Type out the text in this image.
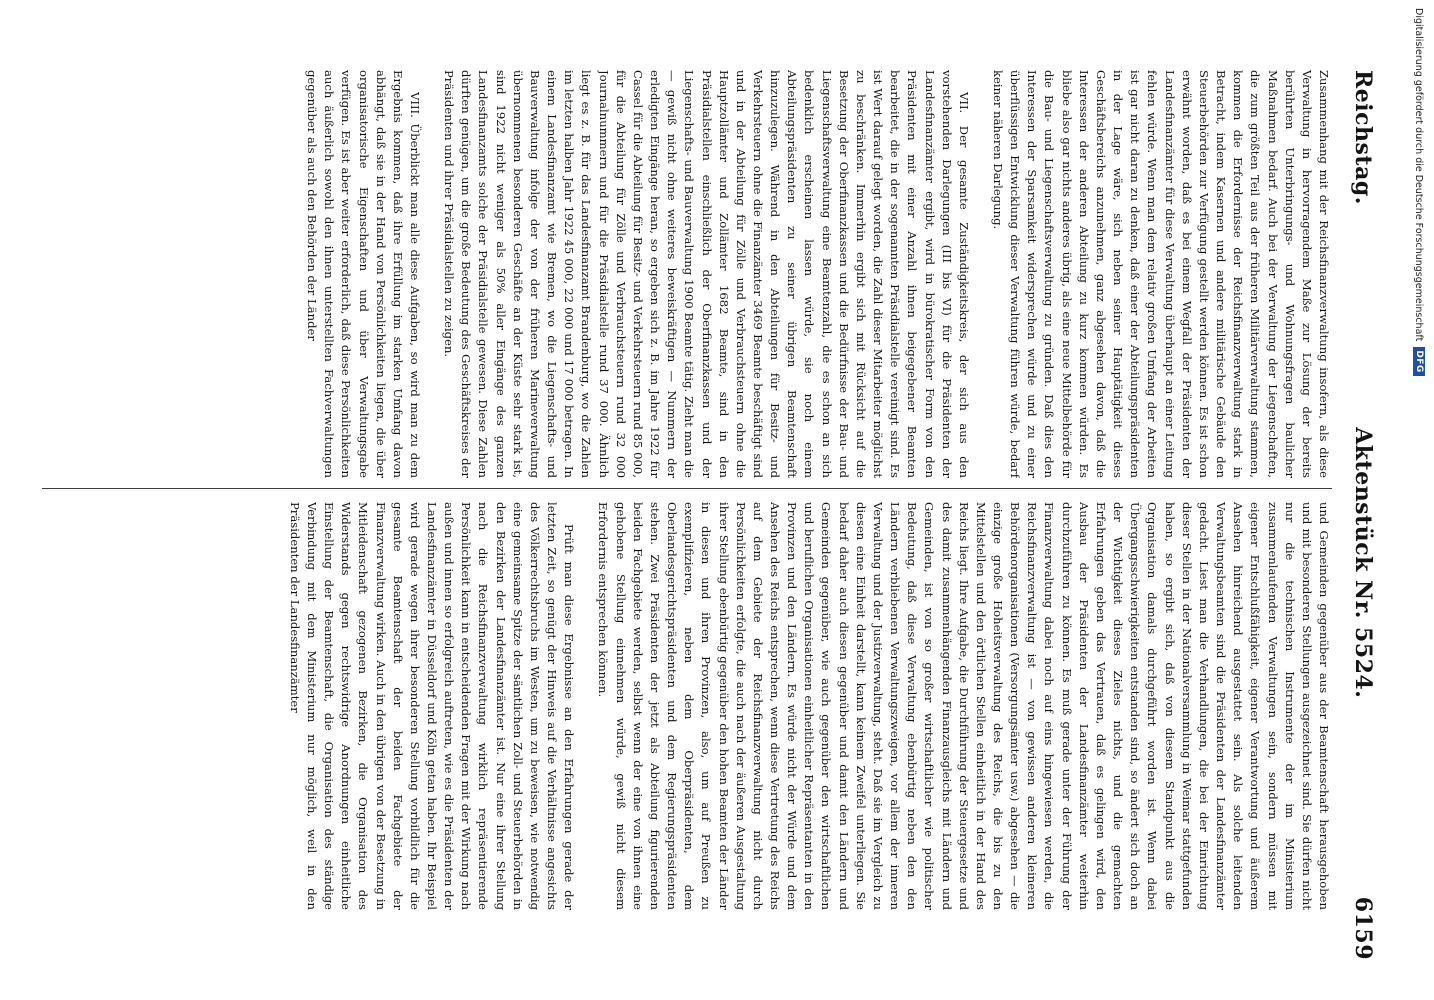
Reichstag.
Aktenstück Nr. 5524.
6159

Zusammenhang mit der Reichsfinanzverwaltung insofern, als diese Verwaltung in hervorragendem Maße zur Lösung der bereits berührten Unterbringungs- und Wohnungsfragen baulicher Maßnahmen bedarf. Auch bei der Verwaltung der Liegenschaften, die zum größten Teil aus der früheren Militärverwaltung stammen, kommen die Erfordernisse der Reichsfinanzverwaltung stark in Betracht, indem Kasernen und andere militärische Gebäude den Steuerbehörden zur Verfügung gestellt werden können. Es ist schon erwähnt worden, daß es bei einem Wegfall der Präsidenten der Landesfinanzämter für diese Verwaltung überhaupt an einer Leitung fehlen würde. Wenn man dem relativ großen Umfang der Arbeiten ist gar nicht daran zu denken, daß einer der Abteilungspräsidenten in der Lage wäre, sich neben seiner Hauptätigkeit dieses Geschäftsbereichs anzunehmen, ganz abgesehen davon, daß die Interessen der anderen Abteilung zu kurz kommen würden. Es bliebe also gar nichts anderes übrig, als eine neue Mittelbehörde für die Bau- und Liegenschaftsverwaltung zu gründen. Daß dies den Interessen der Sparsamkeit widersprechen würde und zu einer überflüssigen Entwicklung dieser Verwaltung führen würde, bedarf keiner näheren Darlegung.

VII. Der gesamte Zuständigkeitskreis, der sich aus den vorstehenden Darlegungen (III bis VI) für die Präsidenten der Landesfinanzämter ergibt, wird in bürokratischer Form von den Präsidenten mit einer Anzahl ihnen beigegebener Beamten bearbeitet, die in der sogenannten Präsidialstelle vereinigt sind. Es ist Wert darauf gelegt worden, die Zahl dieser Mitarbeiter möglichst zu beschränken. Immerhin ergibt sich mit Rücksicht auf die Besetzung der Oberfinanzkassen und die Bedürfnisse der Bau- und Liegenschaftsverwaltung eine Beamtenzahl, die es schon an sich bedenklich erscheinen lassen würde, sie noch einem Abteilungspräsidenten zu seiner übrigen Beamtenschaft hinzuzulegen. Während in den Abteilungen für Besitz- und Verkehrsteuern ohne die Finanzämter 3469 Beamte beschäftigt sind und in der Abteilung für Zölle und Verbrauchsteuern ohne die Hauptzollämter und Zollämter 1682 Beamte, sind in den Präsidialstellen einschließlich der Oberfinanzkassen und der Liegenschafts- und Bauverwaltung 1900 Beamte tätig. Zieht man die — gewiß nicht ohne weiteres beweiskräftigen — Nummern der erledigten Eingänge heran, so ergeben sich z. B. im Jahre 1922 für Cassel für die Abteilung für Besitz- und Verkehrsteuern rund 85 000, für die Abteilung für Zölle und Verbrauchsteuern rund 32 000 Journalnummern und für die Präsidialstelle rund 37 000. Ähnlich liegt es z. B. für das Landesfinanzamt Brandenburg, wo die Zahlen im letzten halben Jahr 1922 45 000, 22 000 und 17 000 betragen. In einem Landesfinanzamt wie Bremen, wo die Liegenschafts- und Bauverwaltung infolge der von der früheren Marineverwaltung übernommenen besonderen Geschäfte an der Küste sehr stark ist, sind 1922 nicht weniger als 50% aller Eingänge des ganzen Landesfinanzamts solche der Präsidialstelle gewesen. Diese Zahlen dürften genügen, um die große Bedeutung des Geschäftskreises der Präsidenten und ihrer Präsidialstellen zu zeigen.

VIII. Überblickt man alle diese Aufgaben, so wird man zu dem Ergebnis kommen, daß ihre Erfüllung im starken Umfang davon abhängt, daß sie in der Hand von Persönlichkeiten liegen, die über organisatorische Eigenschaften und über Verwaltungsgabe verfügen. Es ist aber weiter erforderlich, daß diese Persönlichkeiten auch äußerlich sowohl den ihnen unterstellten Fachverwaltungen gegenüber als auch den Behörden der Länder

und Gemeinden gegenüber aus der Beamtenschaft herausgehoben und mit besonderen Stellungen ausgezeichnet sind. Sie dürfen nicht nur die technischen Instrumente der im Ministerium zusammenlaufenden Verwaltungen sein, sondern müssen mit eigener Entschlußfähigkeit, eigener Verantwortung und äußerem Ansehen hinreichend ausgestattet sein. Als solche leitenden Verwaltungsbeamten sind die Präsidenten der Landesfinanzämter gedacht. Liest man die Verhandlungen, die bei der Einrichtung dieser Stellen in der Nationalversammlung in Weimar stattgefunden haben, so ergibt sich, daß von diesem Standpunkt aus die Organisation damals durchgeführt worden ist. Wenn dabei Übergangsschwierigkeiten entstanden sind, so ändert sich doch an der Wichtigkeit dieses Zieles nichts, und die gemachten Erfahrungen geben das Vertrauen, daß es gelingen wird, den Ausbau der Präsidenten der Landesfinanzämter weiterhin durchzuführen zu können. Es muß gerade unter der Führung der Finanzverwaltung dabei noch auf eins hingewiesen werden, die Reichsfinanzverwaltung ist — von gewissen anderen kleineren Behördenorganisationen (Versorgungsämter usw.) abgesehen — die einzige große Hoheitsverwaltung des Reichs, die bis zu den Mittelstellen und den örtlichen Stellen einheitlich in der Hand des Reichs liegt. Ihre Aufgabe, die Durchführung der Steuergesetze und des damit zusammenhängenden Finanzausgleichs mit Ländern und Gemeinden, ist von so großer wirtschaftlicher wie politischer Bedeutung, daß diese Verwaltung ebenbürtig neben den den Ländern verbliebenen Verwaltungszweigen, vor allem der inneren Verwaltung und der Justizverwaltung, steht. Daß sie im Vergleich zu diesen eine Einheit darstellt, kann keinem Zweifel unterliegen. Sie bedarf daher auch diesen gegenüber und damit den Ländern und Gemeinden gegenüber, wie auch gegenüber den wirtschaftlichen und beruflichen Organisationen einheitlicher Repräsentanten in den Provinzen und den Ländern. Es würde nicht der Würde und dem Ansehen des Reichs entsprechen, wenn diese Vertretung des Reichs auf dem Gebiete der Reichsfinanzverwaltung nicht durch Persönlichkeiten erfolgte, die auch nach der äußeren Ausgestaltung ihrer Stellung ebenbürtig gegenüber den hohen Beamten der Länder in diesen und ihren Provinzen, also, um auf Preußen zu exemplifizieren, neben dem Oberpräsidenten, dem Oberlandesgerichtspräsidenten und dem Regierungspräsidenten stehen. Zwei Präsidenten der jetzt als Abteilung figurierenden beiden Fachgebiete werden, selbst wenn der eine von ihnen eine gehobene Stellung einnehmen würde, gewiß nicht diesem Erfordernis entsprechen können.

Prüft man diese Ergebnisse an den Erfahrungen gerade der letzten Zeit, so genügt der Hinweis auf die Verhältnisse angesichts des Völkerrechtsbruchs im Westen, um zu beweisen, wie notwendig eine gemeinsame Spitze der sämtlichen Zoll- und Steuerbehörden in den Bezirken der Landesfinanzämter ist. Nur eine ihrer Stellung nach die Reichsfinanzverwaltung wirklich repräsentierende Persönlichkeit kann in entscheidenden Fragen mit der Wirkung nach außen und innen so erfolgreich auftreten, wie es die Präsidenten der Landesfinanzämter in Düsseldorf und Köln getan haben. Ihr Beispiel wird gerade wegen ihrer besonderen Stellung vorbildlich für die gesamte Beamtenschaft der beiden Fachgebiete der Finanzverwaltung wirken. Auch in den übrigen von der Besetzung in Mitleidenschaft gezogenen Bezirken, die Organisation des Widerstands gegen rechtswidrige Anordnungen einheitliche Einstellung der Beamtenschaft, die Organisation des ständige Verbindung mit dem Ministerium nur möglich, weil in den Präsidenten der Landesfinanzämter

Digitalisierung gefördert durch die Deutsche Forschungsgemeinschaft
DFG
